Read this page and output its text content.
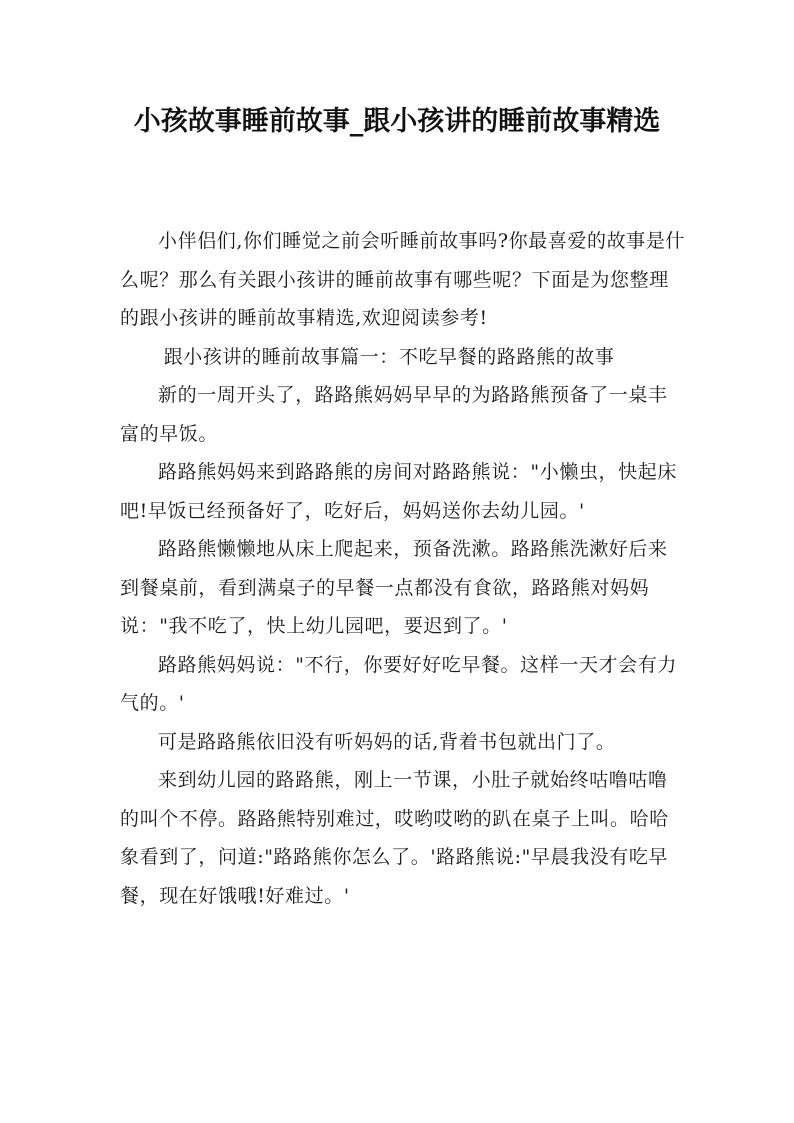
小孩故事睡前故事_跟小孩讲的睡前故事精选

小伴侣们,你们睡觉之前会听睡前故事吗?你最喜爱的故事是什么呢？那么有关跟小孩讲的睡前故事有哪些呢？下面是为您整理的跟小孩讲的睡前故事精选,欢迎阅读参考!

跟小孩讲的睡前故事篇一：不吃早餐的路路熊的故事

新的一周开头了，路路熊妈妈早早的为路路熊预备了一桌丰富的早饭。

路路熊妈妈来到路路熊的房间对路路熊说："小懒虫，快起床吧!早饭已经预备好了，吃好后，妈妈送你去幼儿园。'

路路熊懒懒地从床上爬起来，预备洗漱。路路熊洗漱好后来到餐桌前，看到满桌子的早餐一点都没有食欲，路路熊对妈妈说："我不吃了，快上幼儿园吧，要迟到了。'

路路熊妈妈说："不行，你要好好吃早餐。这样一天才会有力气的。'

可是路路熊依旧没有听妈妈的话,背着书包就出门了。

来到幼儿园的路路熊，刚上一节课，小肚子就始终咕噜咕噜的叫个不停。路路熊特别难过，哎哟哎哟的趴在桌子上叫。哈哈象看到了，问道:"路路熊你怎么了。'路路熊说:"早晨我没有吃早餐，现在好饿哦!好难过。'
